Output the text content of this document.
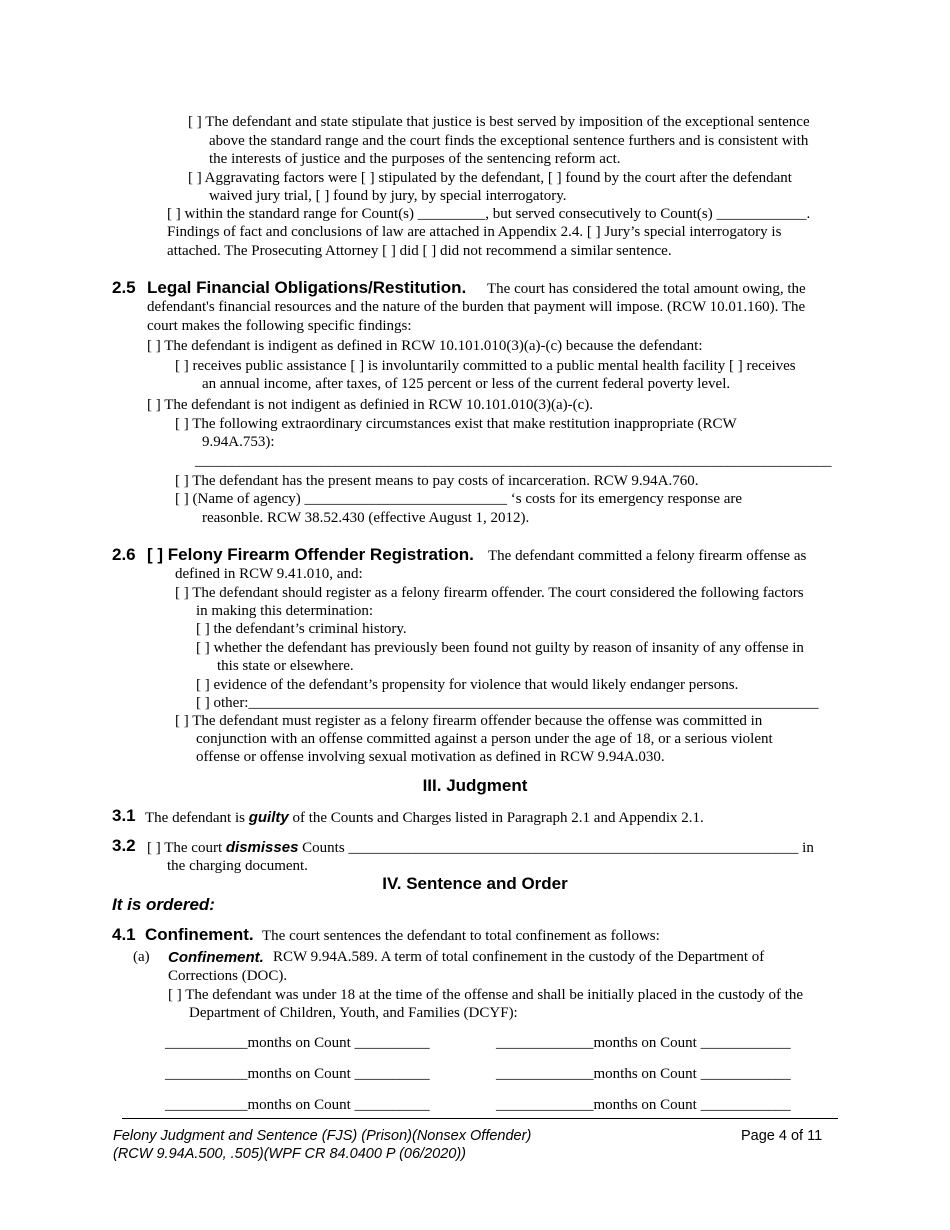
[ ] The defendant and state stipulate that justice is best served by imposition of the exceptional sentence
above the standard range and the court finds the exceptional sentence furthers and is consistent with
the interests of justice and the purposes of the sentencing reform act.
[ ] Aggravating factors were [ ] stipulated by the defendant, [ ] found by the court after the defendant
waived jury trial, [ ] found by jury, by special interrogatory.
[ ] within the standard range for Count(s) _________, but served consecutively to Count(s) ____________.
Findings of fact and conclusions of law are attached in Appendix 2.4. [ ] Jury’s special interrogatory is
attached. The Prosecuting Attorney [ ] did [ ] did not recommend a similar sentence.
2.5 Legal Financial Obligations/Restitution. The court has considered the total amount owing, the
defendant's financial resources and the nature of the burden that payment will impose. (RCW 10.01.160). The
court makes the following specific findings:
[ ] The defendant is indigent as defined in RCW 10.101.010(3)(a)-(c) because the defendant:
[ ] receives public assistance [ ] is involuntarily committed to a public mental health facility [ ] receives
an annual income, after taxes, of 125 percent or less of the current federal poverty level.
[ ] The defendant is not indigent as definied in RCW 10.101.010(3)(a)-(c).
[ ] The following extraordinary circumstances exist that make restitution inappropriate (RCW
9.94A.753):
______________________________________________________________________________________
[ ] The defendant has the present means to pay costs of incarceration. RCW 9.94A.760.
[ ] (Name of agency) ___________________________ ‘s costs for its emergency response are
reasonble. RCW 38.52.430 (effective August 1, 2012).
2.6 [ ] Felony Firearm Offender Registration. The defendant committed a felony firearm offense as
defined in RCW 9.41.010, and:
[ ] The defendant should register as a felony firearm offender. The court considered the following factors
in making this determination:
[ ] the defendant’s criminal history.
[ ] whether the defendant has previously been found not guilty by reason of insanity of any offense in
this state or elsewhere.
[ ] evidence of the defendant’s propensity for violence that would likely endanger persons.
[ ] other:____________________________________________________________________________
[ ] The defendant must register as a felony firearm offender because the offense was committed in
conjunction with an offense committed against a person under the age of 18, or a serious violent
offense or offense involving sexual motivation as defined in RCW 9.94A.030.
III. Judgment
3.1 The defendant is guilty of the Counts and Charges listed in Paragraph 2.1 and Appendix 2.1.
3.2 [ ] The court dismisses Counts ____________________________________________________________ in
the charging document.
IV. Sentence and Order
It is ordered:
4.1 Confinement. The court sentences the defendant to total confinement as follows:
(a) Confinement. RCW 9.94A.589. A term of total confinement in the custody of the Department of
Corrections (DOC).
[ ] The defendant was under 18 at the time of the offense and shall be initially placed in the custody of the
Department of Children, Youth, and Families (DCYF):
___________months on Count __________	_____________months on Count ____________
___________months on Count __________	_____________months on Count ____________
___________months on Count __________	_____________months on Count ____________
Felony Judgment and Sentence (FJS) (Prison)(Nonsex Offender)
(RCW 9.94A.500, .505)(WPF CR 84.0400 P (06/2020))
Page 4 of 11
